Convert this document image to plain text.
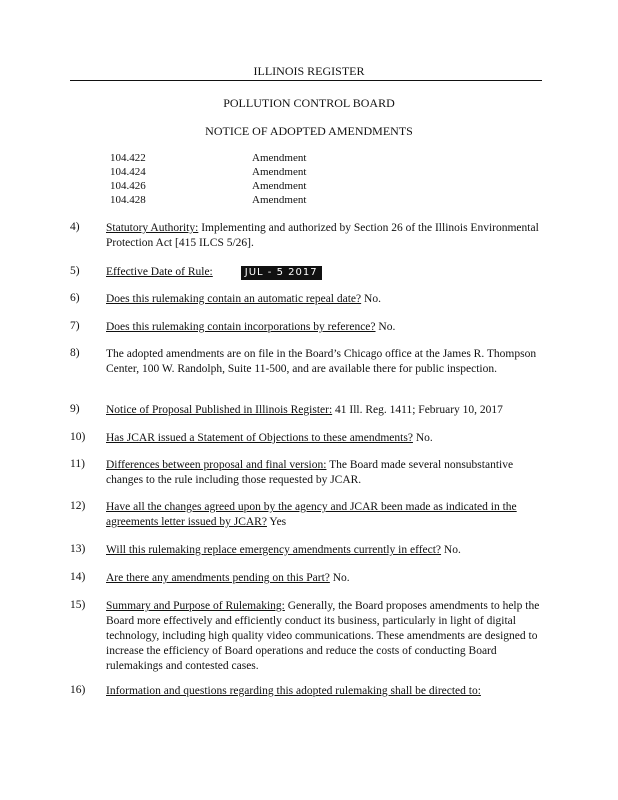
ILLINOIS REGISTER
POLLUTION CONTROL BOARD
NOTICE OF ADOPTED AMENDMENTS
104.422	Amendment
104.424	Amendment
104.426	Amendment
104.428	Amendment
4)	Statutory Authority: Implementing and authorized by Section 26 of the Illinois Environmental Protection Act [415 ILCS 5/26].
5)	Effective Date of Rule:	JUL - 5 2017
6)	Does this rulemaking contain an automatic repeal date? No.
7)	Does this rulemaking contain incorporations by reference? No.
8)	The adopted amendments are on file in the Board’s Chicago office at the James R. Thompson Center, 100 W. Randolph, Suite 11-500, and are available there for public inspection.
9)	Notice of Proposal Published in Illinois Register: 41 Ill. Reg. 1411; February 10, 2017
10)	Has JCAR issued a Statement of Objections to these amendments? No.
11)	Differences between proposal and final version: The Board made several nonsubstantive changes to the rule including those requested by JCAR.
12)	Have all the changes agreed upon by the agency and JCAR been made as indicated in the agreements letter issued by JCAR? Yes
13)	Will this rulemaking replace emergency amendments currently in effect? No.
14)	Are there any amendments pending on this Part? No.
15)	Summary and Purpose of Rulemaking: Generally, the Board proposes amendments to help the Board more effectively and efficiently conduct its business, particularly in light of digital technology, including high quality video communications. These amendments are designed to increase the efficiency of Board operations and reduce the costs of conducting Board rulemakings and contested cases.
16)	Information and questions regarding this adopted rulemaking shall be directed to:
